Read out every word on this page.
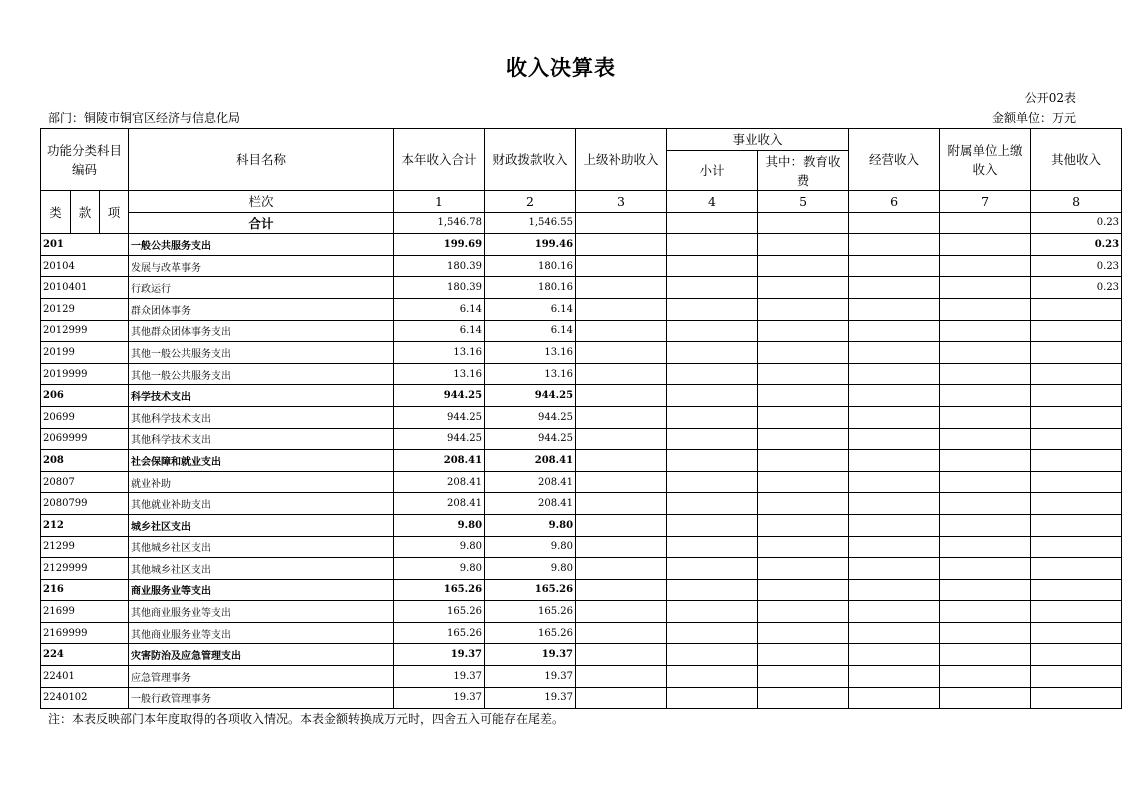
收入决算表
公开02表
部门：铜陵市铜官区经济与信息化局	金额单位：万元
功能分类科目编码			科目名称	本年收入合计	财政拨款收入	上级补助收入	事业收入		经营收入	附属单位上缴收入	其他收入
							小计	其中：教育收费			
类	款	项	栏次	1	2	3	4	5	6	7	8
			合计	1,546.78	1,546.55						0.23
201			一般公共服务支出	199.69	199.46						0.23
20104			发展与改革事务	180.39	180.16						0.23
2010401			行政运行	180.39	180.16						0.23
20129			群众团体事务	6.14	6.14						
2012999			其他群众团体事务支出	6.14	6.14						
20199			其他一般公共服务支出	13.16	13.16						
2019999			其他一般公共服务支出	13.16	13.16						
206			科学技术支出	944.25	944.25						
20699			其他科学技术支出	944.25	944.25						
2069999			其他科学技术支出	944.25	944.25						
208			社会保障和就业支出	208.41	208.41						
20807			就业补助	208.41	208.41						
2080799			其他就业补助支出	208.41	208.41						
212			城乡社区支出	9.80	9.80						
21299			其他城乡社区支出	9.80	9.80						
2129999			其他城乡社区支出	9.80	9.80						
216			商业服务业等支出	165.26	165.26						
21699			其他商业服务业等支出	165.26	165.26						
2169999			其他商业服务业等支出	165.26	165.26						
224			灾害防治及应急管理支出	19.37	19.37						
22401			应急管理事务	19.37	19.37						
2240102			一般行政管理事务	19.37	19.37						
注：本表反映部门本年度取得的各项收入情况。本表金额转换成万元时，四舍五入可能存在尾差。
